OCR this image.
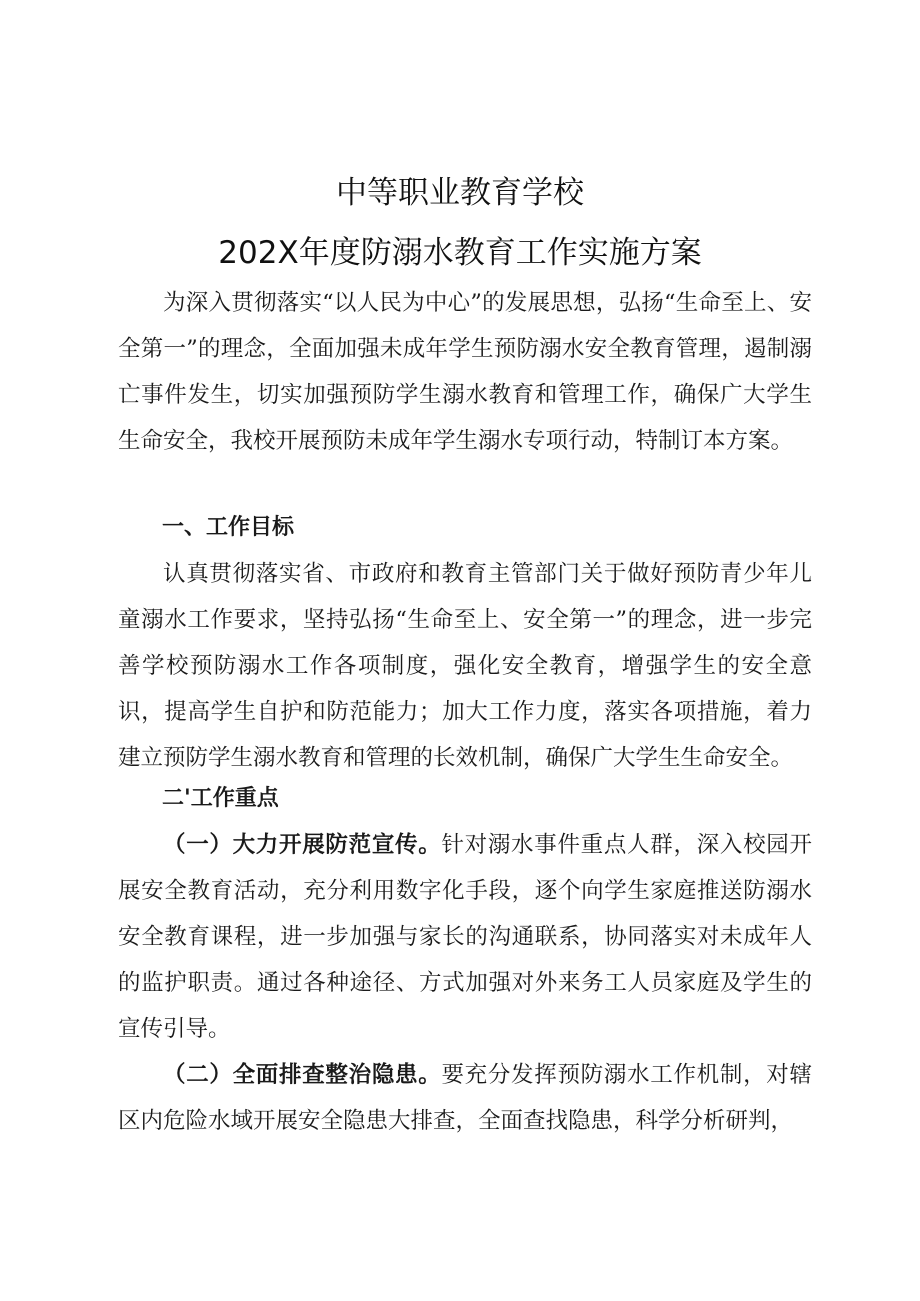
中等职业教育学校
202X年度防溺水教育工作实施方案

为深入贯彻落实“以人民为中心”的发展思想，弘扬“生命至上、安全第一”的理念，全面加强未成年学生预防溺水安全教育管理，遏制溺亡事件发生，切实加强预防学生溺水教育和管理工作，确保广大学生生命安全，我校开展预防未成年学生溺水专项行动，特制订本方案。

一、工作目标

认真贯彻落实省、市政府和教育主管部门关于做好预防青少年儿童溺水工作要求，坚持弘扬“生命至上、安全第一”的理念，进一步完善学校预防溺水工作各项制度，强化安全教育，增强学生的安全意识，提高学生自护和防范能力；加大工作力度，落实各项措施，着力建立预防学生溺水教育和管理的长效机制，确保广大学生生命安全。

二'工作重点

（一）大力开展防范宣传。针对溺水事件重点人群，深入校园开展安全教育活动，充分利用数字化手段，逐个向学生家庭推送防溺水安全教育课程，进一步加强与家长的沟通联系，协同落实对未成年人的监护职责。通过各种途径、方式加强对外来务工人员家庭及学生的宣传引导。

（二）全面排查整治隐患。要充分发挥预防溺水工作机制，对辖区内危险水域开展安全隐患大排查，全面查找隐患，科学分析研判，
